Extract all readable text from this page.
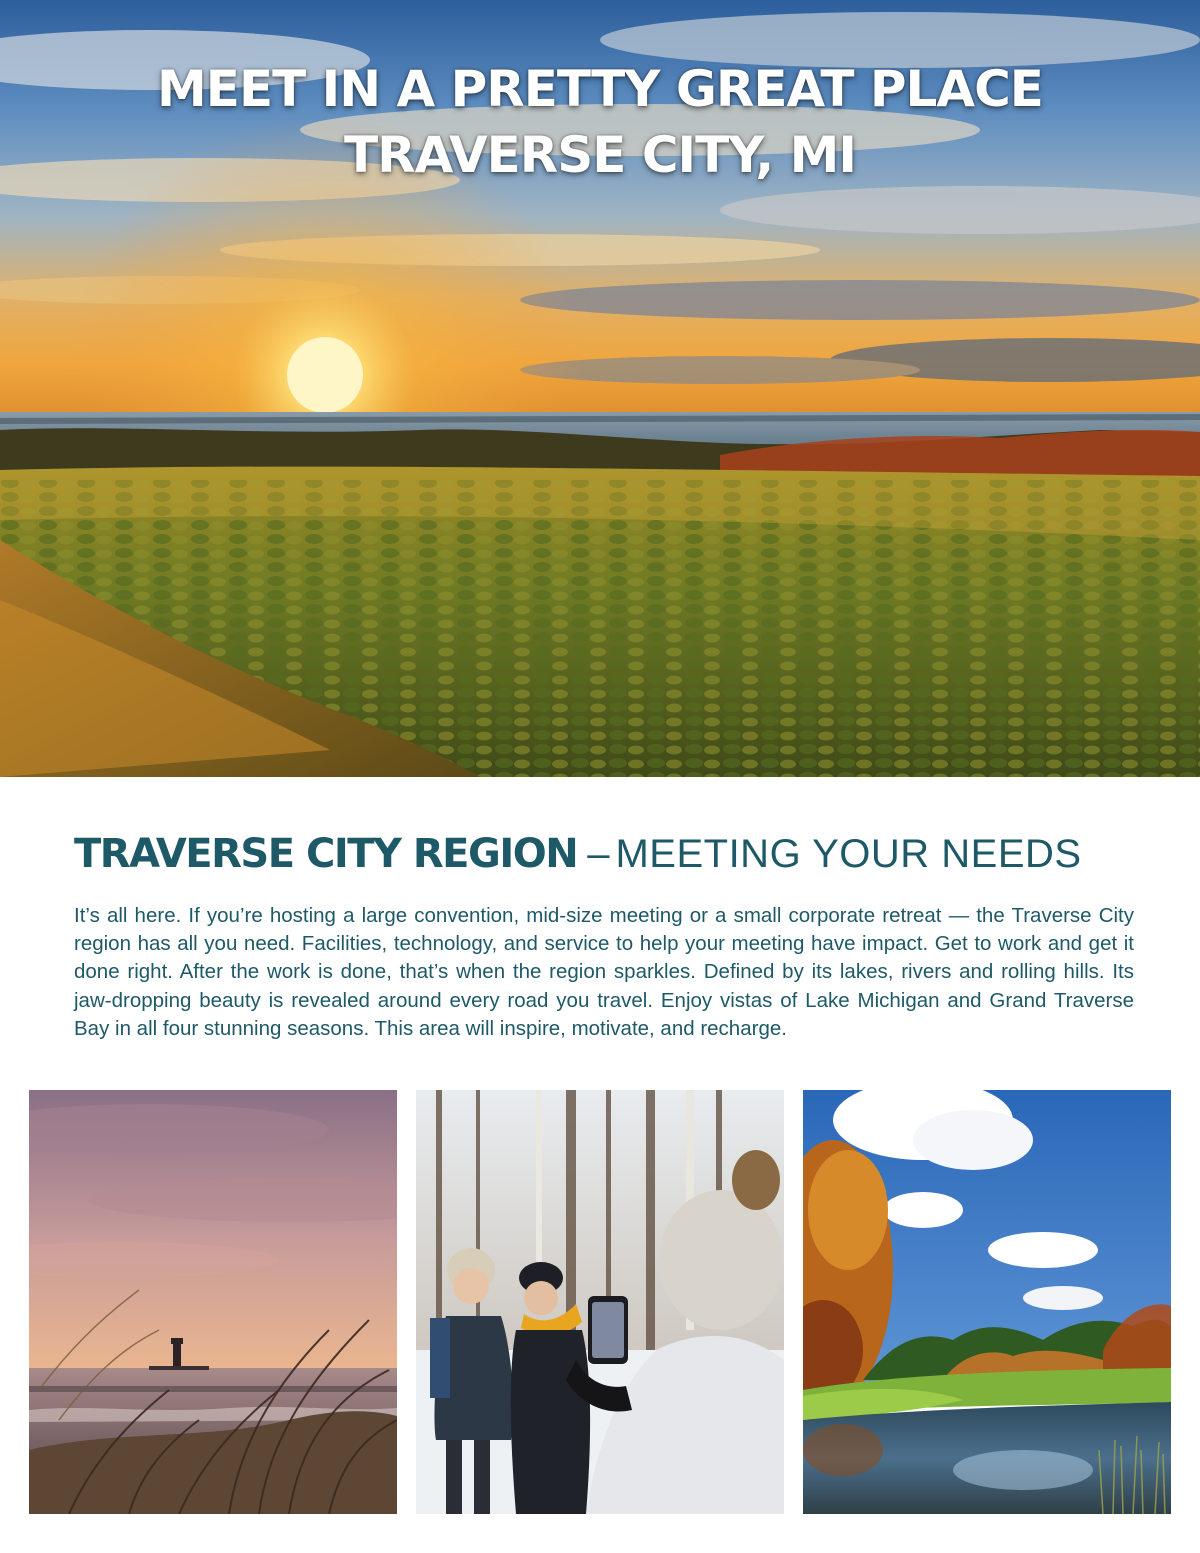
MEET IN A PRETTY GREAT PLACE
TRAVERSE CITY, MI
TRAVERSE CITY REGION – MEETING YOUR NEEDS

It’s all here. If you’re hosting a large convention, mid-size meeting or a small corporate retreat — the Traverse City region has all you need. Facilities, technology, and service to help your meeting have impact. Get to work and get it done right. After the work is done, that’s when the region sparkles. Defined by its lakes, rivers and rolling hills. Its jaw-dropping beauty is revealed around every road you travel. Enjoy vistas of Lake Michigan and Grand Traverse Bay in all four stunning seasons. This area will inspire, motivate, and recharge.
